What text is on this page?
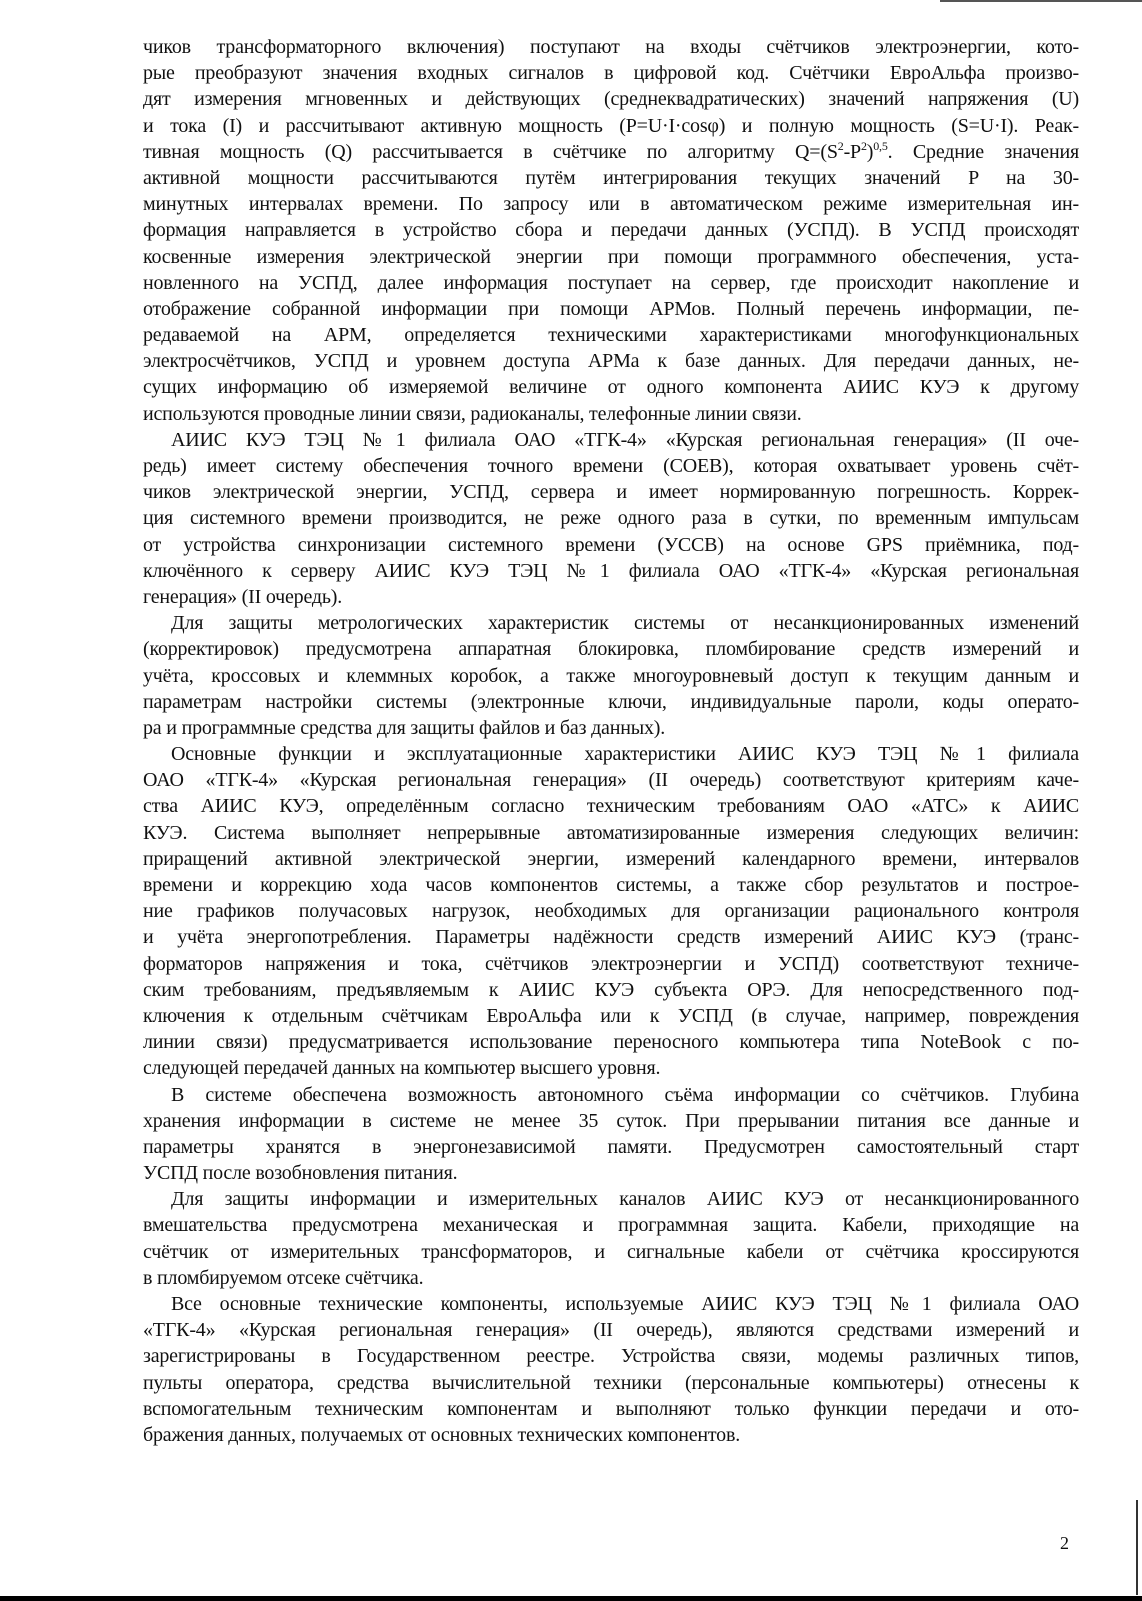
чиков трансформаторного включения) поступают на входы счётчиков электроэнергии, кото-
рые преобразуют значения входных сигналов в цифровой код. Счётчики ЕвроАльфа произво-
дят измерения мгновенных и действующих (среднеквадратических) значений напряжения (U)
и тока (I) и рассчитывают активную мощность (P=U·I·cosφ) и полную мощность (S=U·I). Реак-
тивная мощность (Q) рассчитывается в счётчике по алгоритму $Q=(S^2-P^2)^{0,5}$. Средние значения
активной мощности рассчитываются путём интегрирования текущих значений P на 30-
минутных интервалах времени. По запросу или в автоматическом режиме измерительная ин-
формация направляется в устройство сбора и передачи данных (УСПД). В УСПД происходят
косвенные измерения электрической энергии при помощи программного обеспечения, уста-
новленного на УСПД, далее информация поступает на сервер, где происходит накопление и
отображение собранной информации при помощи АРМов. Полный перечень информации, пе-
редаваемой на АРМ, определяется техническими характеристиками многофункциональных
электросчётчиков, УСПД и уровнем доступа АРМа к базе данных. Для передачи данных, не-
сущих информацию об измеряемой величине от одного компонента АИИС КУЭ к другому
используются проводные линии связи, радиоканалы, телефонные линии связи.
АИИС КУЭ ТЭЦ №1 филиала ОАО «ТГК-4» «Курская региональная генерация» (II оче-
редь) имеет систему обеспечения точного времени (СОЕВ), которая охватывает уровень счёт-
чиков электрической энергии, УСПД, сервера и имеет нормированную погрешность. Коррек-
ция системного времени производится, не реже одного раза в сутки, по временным импульсам
от устройства синхронизации системного времени (УССВ) на основе GPS приёмника, под-
ключённого к серверу АИИС КУЭ ТЭЦ №1 филиала ОАО «ТГК-4» «Курская региональная
генерация» (II очередь).
Для защиты метрологических характеристик системы от несанкционированных изменений
(корректировок) предусмотрена аппаратная блокировка, пломбирование средств измерений и
учёта, кроссовых и клеммных коробок, а также многоуровневый доступ к текущим данным и
параметрам настройки системы (электронные ключи, индивидуальные пароли, коды операто-
ра и программные средства для защиты файлов и баз данных).
Основные функции и эксплуатационные характеристики АИИС КУЭ ТЭЦ №1 филиала
ОАО «ТГК-4» «Курская региональная генерация» (II очередь) соответствуют критериям каче-
ства АИИС КУЭ, определённым согласно техническим требованиям ОАО «АТС» к АИИС
КУЭ. Система выполняет непрерывные автоматизированные измерения следующих величин:
приращений активной электрической энергии, измерений календарного времени, интервалов
времени и коррекцию хода часов компонентов системы, а также сбор результатов и построе-
ние графиков получасовых нагрузок, необходимых для организации рационального контроля
и учёта энергопотребления. Параметры надёжности средств измерений АИИС КУЭ (транс-
форматоров напряжения и тока, счётчиков электроэнергии и УСПД) соответствуют техниче-
ским требованиям, предъявляемым к АИИС КУЭ субъекта ОРЭ. Для непосредственного под-
ключения к отдельным счётчикам ЕвроАльфа или к УСПД (в случае, например, повреждения
линии связи) предусматривается использование переносного компьютера типа NoteBook с по-
следующей передачей данных на компьютер высшего уровня.
В системе обеспечена возможность автономного съёма информации со счётчиков. Глубина
хранения информации в системе не менее 35 суток. При прерывании питания все данные и
параметры хранятся в энергонезависимой памяти. Предусмотрен самостоятельный старт
УСПД после возобновления питания.
Для защиты информации и измерительных каналов АИИС КУЭ от несанкционированного
вмешательства предусмотрена механическая и программная защита. Кабели, приходящие на
счётчик от измерительных трансформаторов, и сигнальные кабели от счётчика кроссируются
в пломбируемом отсеке счётчика.
Все основные технические компоненты, используемые АИИС КУЭ ТЭЦ №1 филиала ОАО
«ТГК-4» «Курская региональная генерация» (II очередь), являются средствами измерений и
зарегистрированы в Государственном реестре. Устройства связи, модемы различных типов,
пульты оператора, средства вычислительной техники (персональные компьютеры) отнесены к
вспомогательным техническим компонентам и выполняют только функции передачи и ото-
бражения данных, получаемых от основных технических компонентов.
2
